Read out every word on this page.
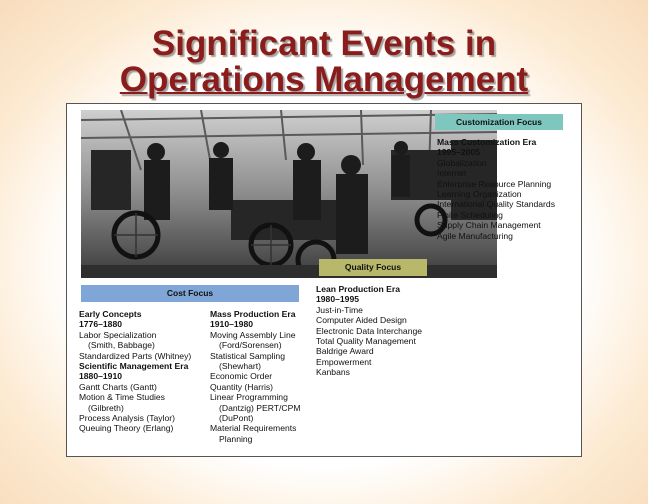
Significant Events in
Operations Management
Customization Focus
Quality Focus
Cost Focus
Mass Customization Era
1995–2005
Globalization
Internet
Enterprise Resource Planning
Learning Organization
International Quality Standards
Finite Scheduling
Supply Chain Management
Agile Manufacturing
Early Concepts
1776–1880
Labor Specialization
(Smith, Babbage)
Standardized Parts (Whitney)
Scientific Management Era
1880–1910
Gantt Charts (Gantt)
Motion & Time Studies
(Gilbreth)
Process Analysis (Taylor)
Queuing Theory (Erlang)
Mass Production Era
1910–1980
Moving Assembly Line
(Ford/Sorensen)
Statistical Sampling
(Shewhart)
Economic Order
Quantity (Harris)
Linear Programming
(Dantzig) PERT/CPM
(DuPont)
Material Requirements
Planning
Lean Production Era
1980–1995
Just-in-Time
Computer Aided Design
Electronic Data Interchange
Total Quality Management
Baldrige Award
Empowerment
Kanbans
